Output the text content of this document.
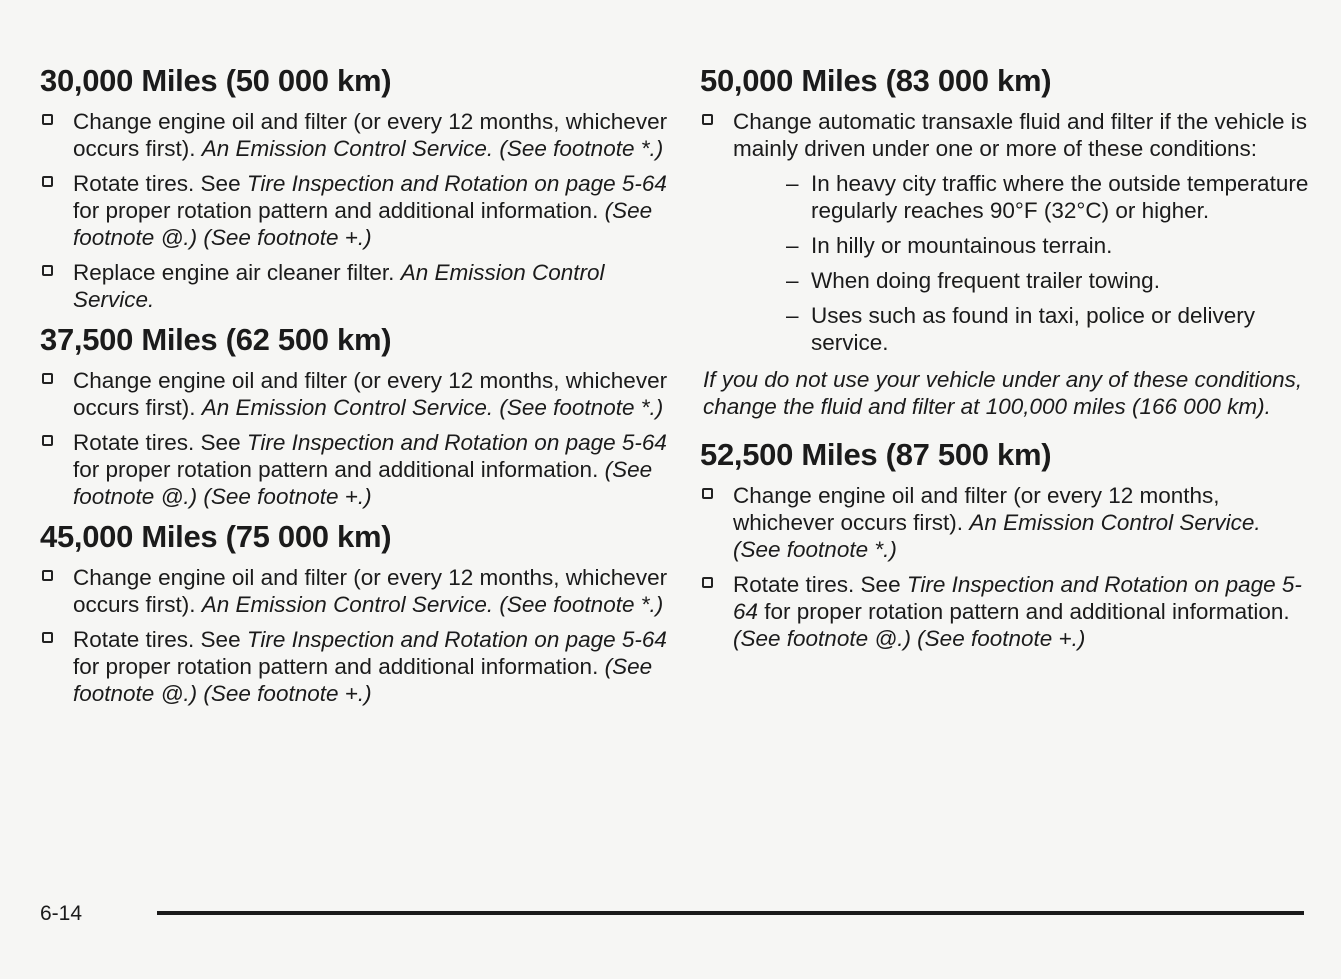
30,000 Miles (50 000 km)
Change engine oil and filter (or every 12 months, whichever occurs first). An Emission Control Service. (See footnote *.)
Rotate tires. See Tire Inspection and Rotation on page 5-64 for proper rotation pattern and additional information. (See footnote @.) (See footnote +.)
Replace engine air cleaner filter. An Emission Control Service.
37,500 Miles (62 500 km)
Change engine oil and filter (or every 12 months, whichever occurs first). An Emission Control Service. (See footnote *.)
Rotate tires. See Tire Inspection and Rotation on page 5-64 for proper rotation pattern and additional information. (See footnote @.) (See footnote +.)
45,000 Miles (75 000 km)
Change engine oil and filter (or every 12 months, whichever occurs first). An Emission Control Service. (See footnote *.)
Rotate tires. See Tire Inspection and Rotation on page 5-64 for proper rotation pattern and additional information. (See footnote @.) (See footnote +.)
50,000 Miles (83 000 km)
Change automatic transaxle fluid and filter if the vehicle is mainly driven under one or more of these conditions:
– In heavy city traffic where the outside temperature regularly reaches 90°F (32°C) or higher.
– In hilly or mountainous terrain.
– When doing frequent trailer towing.
– Uses such as found in taxi, police or delivery service.
If you do not use your vehicle under any of these conditions, change the fluid and filter at 100,000 miles (166 000 km).
52,500 Miles (87 500 km)
Change engine oil and filter (or every 12 months, whichever occurs first). An Emission Control Service. (See footnote *.)
Rotate tires. See Tire Inspection and Rotation on page 5-64 for proper rotation pattern and additional information. (See footnote @.) (See footnote +.)
6-14
